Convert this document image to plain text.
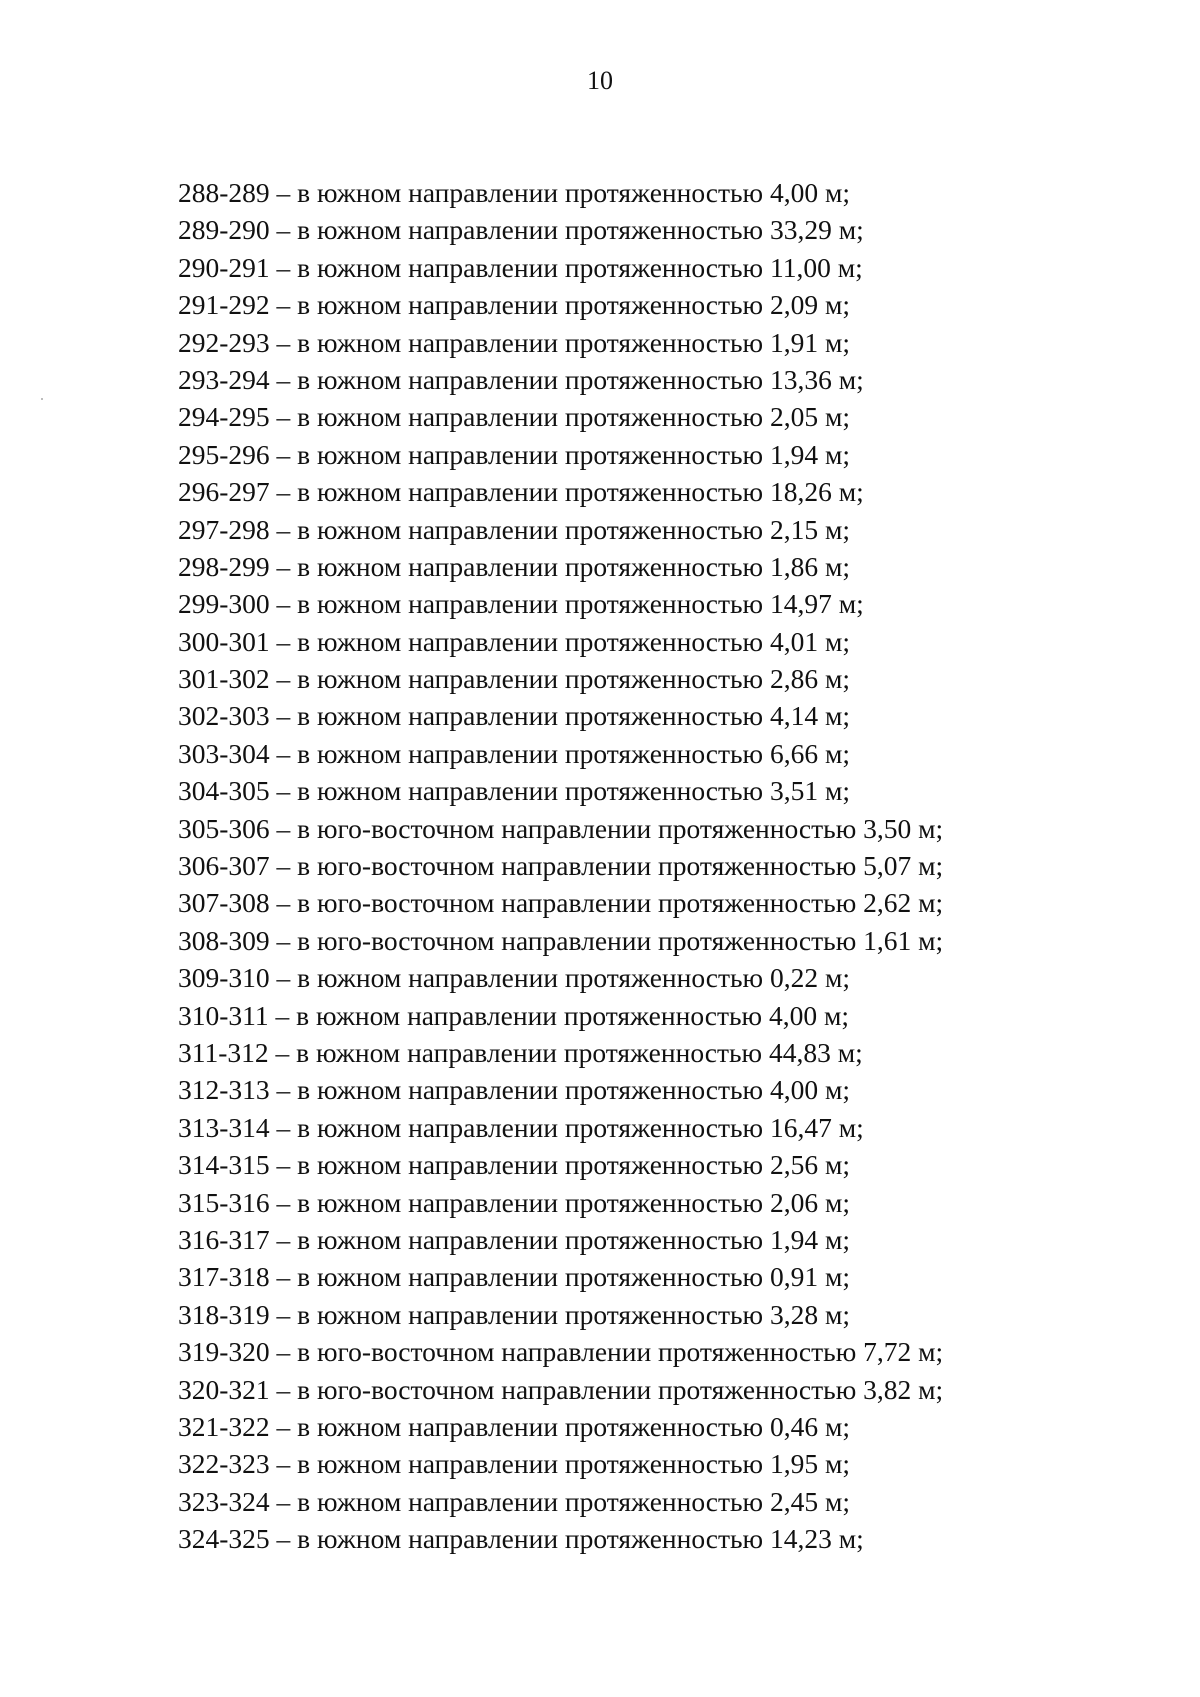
10
288-289 – в южном направлении протяженностью 4,00 м;
289-290 – в южном направлении протяженностью 33,29 м;
290-291 – в южном направлении протяженностью 11,00 м;
291-292 – в южном направлении протяженностью 2,09 м;
292-293 – в южном направлении протяженностью 1,91 м;
293-294 – в южном направлении протяженностью 13,36 м;
294-295 – в южном направлении протяженностью 2,05 м;
295-296 – в южном направлении протяженностью 1,94 м;
296-297 – в южном направлении протяженностью 18,26 м;
297-298 – в южном направлении протяженностью 2,15 м;
298-299 – в южном направлении протяженностью 1,86 м;
299-300 – в южном направлении протяженностью 14,97 м;
300-301 – в южном направлении протяженностью 4,01 м;
301-302 – в южном направлении протяженностью 2,86 м;
302-303 – в южном направлении протяженностью 4,14 м;
303-304 – в южном направлении протяженностью 6,66 м;
304-305 – в южном направлении протяженностью 3,51 м;
305-306 – в юго-восточном направлении протяженностью 3,50 м;
306-307 – в юго-восточном направлении протяженностью 5,07 м;
307-308 – в юго-восточном направлении протяженностью 2,62 м;
308-309 – в юго-восточном направлении протяженностью 1,61 м;
309-310 – в южном направлении протяженностью 0,22 м;
310-311 – в южном направлении протяженностью 4,00 м;
311-312 – в южном направлении протяженностью 44,83 м;
312-313 – в южном направлении протяженностью 4,00 м;
313-314 – в южном направлении протяженностью 16,47 м;
314-315 – в южном направлении протяженностью 2,56 м;
315-316 – в южном направлении протяженностью 2,06 м;
316-317 – в южном направлении протяженностью 1,94 м;
317-318 – в южном направлении протяженностью 0,91 м;
318-319 – в южном направлении протяженностью 3,28 м;
319-320 – в юго-восточном направлении протяженностью 7,72 м;
320-321 – в юго-восточном направлении протяженностью 3,82 м;
321-322 – в южном направлении протяженностью 0,46 м;
322-323 – в южном направлении протяженностью 1,95 м;
323-324 – в южном направлении протяженностью 2,45 м;
324-325 – в южном направлении протяженностью 14,23 м;
